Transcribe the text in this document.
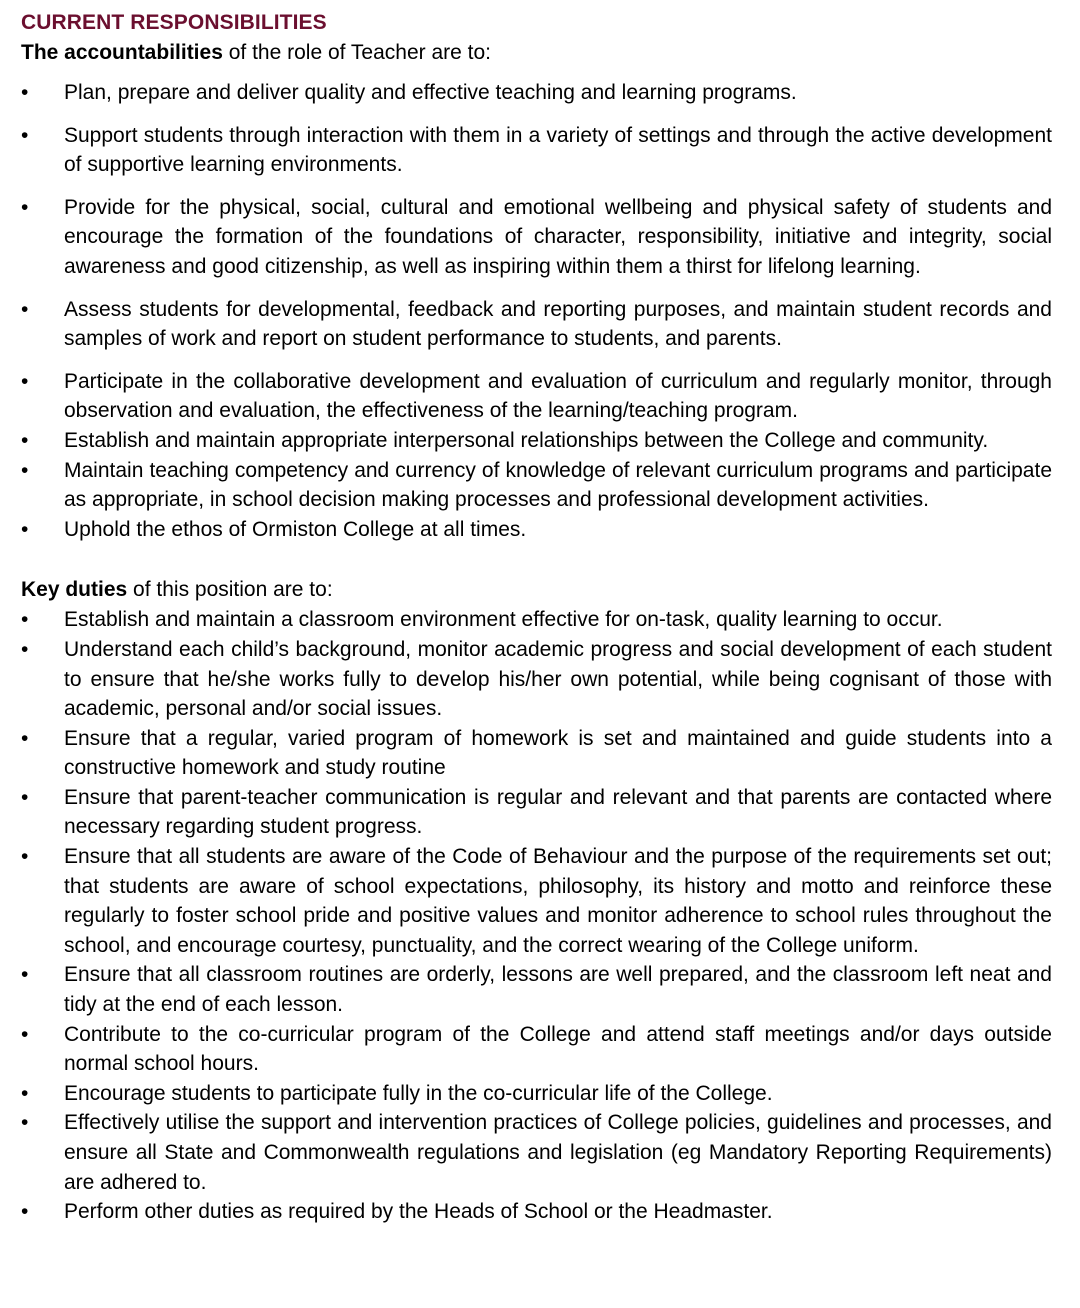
CURRENT RESPONSIBILITIES
The accountabilities of the role of Teacher are to:
•	Plan, prepare and deliver quality and effective teaching and learning programs.
•	Support students through interaction with them in a variety of settings and through the active development of supportive learning environments.
•	Provide for the physical, social, cultural and emotional wellbeing and physical safety of students and encourage the formation of the foundations of character, responsibility, initiative and integrity, social awareness and good citizenship, as well as inspiring within them a thirst for lifelong learning.
•	Assess students for developmental, feedback and reporting purposes, and maintain student records and samples of work and report on student performance to students, and parents.
•	Participate in the collaborative development and evaluation of curriculum and regularly monitor, through observation and evaluation, the effectiveness of the learning/teaching program.
•	Establish and maintain appropriate interpersonal relationships between the College and community.
•	Maintain teaching competency and currency of knowledge of relevant curriculum programs and participate as appropriate, in school decision making processes and professional development activities.
•	Uphold the ethos of Ormiston College at all times.
Key duties of this position are to:
•	Establish and maintain a classroom environment effective for on-task, quality learning to occur.
•	Understand each child’s background, monitor academic progress and social development of each student to ensure that he/she works fully to develop his/her own potential, while being cognisant of those with academic, personal and/or social issues.
•	Ensure that a regular, varied program of homework is set and maintained and guide students into a constructive homework and study routine
•	Ensure that parent-teacher communication is regular and relevant and that parents are contacted where necessary regarding student progress.
•	Ensure that all students are aware of the Code of Behaviour and the purpose of the requirements set out; that students are aware of school expectations, philosophy, its history and motto and reinforce these regularly to foster school pride and positive values and monitor adherence to school rules throughout the school, and encourage courtesy, punctuality, and the correct wearing of the College uniform.
•	Ensure that all classroom routines are orderly, lessons are well prepared, and the classroom left neat and tidy at the end of each lesson.
•	Contribute to the co-curricular program of the College and attend staff meetings and/or days outside normal school hours.
•	Encourage students to participate fully in the co-curricular life of the College.
•	Effectively utilise the support and intervention practices of College policies, guidelines and processes, and ensure all State and Commonwealth regulations and legislation (eg Mandatory Reporting Requirements) are adhered to.
•	Perform other duties as required by the Heads of School or the Headmaster.
